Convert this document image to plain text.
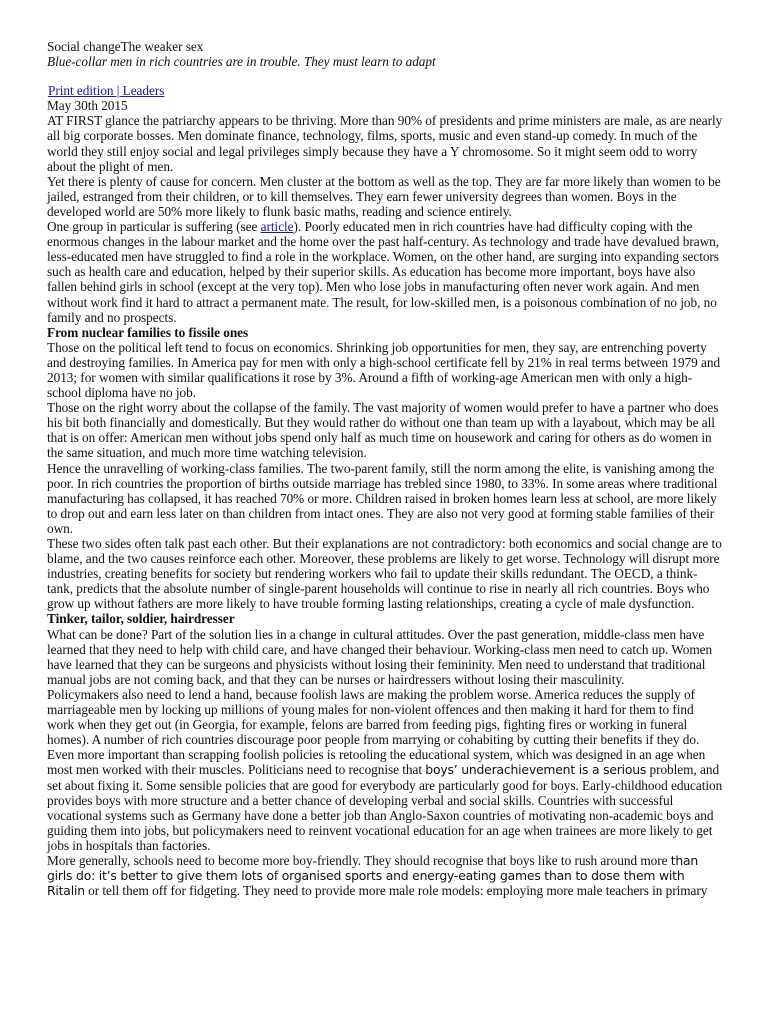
Social changeThe weaker sex
Blue-collar men in rich countries are in trouble. They must learn to adapt
Print edition | Leaders
May 30th 2015

AT FIRST glance the patriarchy appears to be thriving. More than 90% of presidents and prime ministers are male, as are nearly all big corporate bosses. Men dominate finance, technology, films, sports, music and even stand-up comedy. In much of the world they still enjoy social and legal privileges simply because they have a Y chromosome. So it might seem odd to worry about the plight of men.

Yet there is plenty of cause for concern. Men cluster at the bottom as well as the top. They are far more likely than women to be jailed, estranged from their children, or to kill themselves. They earn fewer university degrees than women. Boys in the developed world are 50% more likely to flunk basic maths, reading and science entirely.

One group in particular is suffering (see article). Poorly educated men in rich countries have had difficulty coping with the enormous changes in the labour market and the home over the past half-century. As technology and trade have devalued brawn, less-educated men have struggled to find a role in the workplace. Women, on the other hand, are surging into expanding sectors such as health care and education, helped by their superior skills. As education has become more important, boys have also fallen behind girls in school (except at the very top). Men who lose jobs in manufacturing often never work again. And men without work find it hard to attract a permanent mate. The result, for low-skilled men, is a poisonous combination of no job, no family and no prospects.

From nuclear families to fissile ones

Those on the political left tend to focus on economics. Shrinking job opportunities for men, they say, are entrenching poverty and destroying families. In America pay for men with only a high-school certificate fell by 21% in real terms between 1979 and 2013; for women with similar qualifications it rose by 3%. Around a fifth of working-age American men with only a high-school diploma have no job.

Those on the right worry about the collapse of the family. The vast majority of women would prefer to have a partner who does his bit both financially and domestically. But they would rather do without one than team up with a layabout, which may be all that is on offer: American men without jobs spend only half as much time on housework and caring for others as do women in the same situation, and much more time watching television.

Hence the unravelling of working-class families. The two-parent family, still the norm among the elite, is vanishing among the poor. In rich countries the proportion of births outside marriage has trebled since 1980, to 33%. In some areas where traditional manufacturing has collapsed, it has reached 70% or more. Children raised in broken homes learn less at school, are more likely to drop out and earn less later on than children from intact ones. They are also not very good at forming stable families of their own.

These two sides often talk past each other. But their explanations are not contradictory: both economics and social change are to blame, and the two causes reinforce each other. Moreover, these problems are likely to get worse. Technology will disrupt more industries, creating benefits for society but rendering workers who fail to update their skills redundant. The OECD, a think-tank, predicts that the absolute number of single-parent households will continue to rise in nearly all rich countries. Boys who grow up without fathers are more likely to have trouble forming lasting relationships, creating a cycle of male dysfunction.

Tinker, tailor, soldier, hairdresser

What can be done? Part of the solution lies in a change in cultural attitudes. Over the past generation, middle-class men have learned that they need to help with child care, and have changed their behaviour. Working-class men need to catch up. Women have learned that they can be surgeons and physicists without losing their femininity. Men need to understand that traditional manual jobs are not coming back, and that they can be nurses or hairdressers without losing their masculinity.

Policymakers also need to lend a hand, because foolish laws are making the problem worse. America reduces the supply of marriageable men by locking up millions of young males for non-violent offences and then making it hard for them to find work when they get out (in Georgia, for example, felons are barred from feeding pigs, fighting fires or working in funeral homes). A number of rich countries discourage poor people from marrying or cohabiting by cutting their benefits if they do.

Even more important than scrapping foolish policies is retooling the educational system, which was designed in an age when most men worked with their muscles. Politicians need to recognise that boys’ underachievement is a serious problem, and set about fixing it. Some sensible policies that are good for everybody are particularly good for boys. Early-childhood education provides boys with more structure and a better chance of developing verbal and social skills. Countries with successful vocational systems such as Germany have done a better job than Anglo-Saxon countries of motivating non-academic boys and guiding them into jobs, but policymakers need to reinvent vocational education for an age when trainees are more likely to get jobs in hospitals than factories.

More generally, schools need to become more boy-friendly. They should recognise that boys like to rush around more than girls do: it’s better to give them lots of organised sports and energy-eating games than to dose them with Ritalin or tell them off for fidgeting. They need to provide more male role models: employing more male teachers in primary
